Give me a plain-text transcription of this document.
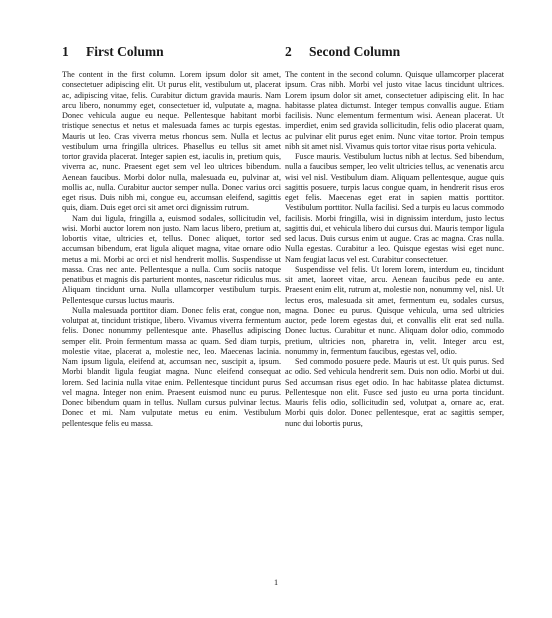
1 First Column

The content in the first column. Lorem ipsum dolor sit amet, consectetuer adipiscing elit. Ut purus elit, vestibulum ut, placerat ac, adipiscing vitae, felis. Curabitur dictum gravida mauris. Nam arcu libero, nonummy eget, consectetuer id, vulputate a, magna. Donec vehicula augue eu neque. Pellentesque habitant morbi tristique senectus et netus et malesuada fames ac turpis egestas. Mauris ut leo. Cras viverra metus rhoncus sem. Nulla et lectus vestibulum urna fringilla ultrices. Phasellus eu tellus sit amet tortor gravida placerat. Integer sapien est, iaculis in, pretium quis, viverra ac, nunc. Praesent eget sem vel leo ultrices bibendum. Aenean faucibus. Morbi dolor nulla, malesuada eu, pulvinar at, mollis ac, nulla. Curabitur auctor semper nulla. Donec varius orci eget risus. Duis nibh mi, congue eu, accumsan eleifend, sagittis quis, diam. Duis eget orci sit amet orci dignissim rutrum.

Nam dui ligula, fringilla a, euismod sodales, sollicitudin vel, wisi. Morbi auctor lorem non justo. Nam lacus libero, pretium at, lobortis vitae, ultricies et, tellus. Donec aliquet, tortor sed accumsan bibendum, erat ligula aliquet magna, vitae ornare odio metus a mi. Morbi ac orci et nisl hendrerit mollis. Suspendisse ut massa. Cras nec ante. Pellentesque a nulla. Cum sociis natoque penatibus et magnis dis parturient montes, nascetur ridiculus mus. Aliquam tincidunt urna. Nulla ullamcorper vestibulum turpis. Pellentesque cursus luctus mauris.

Nulla malesuada porttitor diam. Donec felis erat, congue non, volutpat at, tincidunt tristique, libero. Vivamus viverra fermentum felis. Donec nonummy pellentesque ante. Phasellus adipiscing semper elit. Proin fermentum massa ac quam. Sed diam turpis, molestie vitae, placerat a, molestie nec, leo. Maecenas lacinia. Nam ipsum ligula, eleifend at, accumsan nec, suscipit a, ipsum. Morbi blandit ligula feugiat magna. Nunc eleifend consequat lorem. Sed lacinia nulla vitae enim. Pellentesque tincidunt purus vel magna. Integer non enim. Praesent euismod nunc eu purus. Donec bibendum quam in tellus. Nullam cursus pulvinar lectus. Donec et mi. Nam vulputate metus eu enim. Vestibulum pellentesque felis eu massa.

2 Second Column

The content in the second column. Quisque ullamcorper placerat ipsum. Cras nibh. Morbi vel justo vitae lacus tincidunt ultrices. Lorem ipsum dolor sit amet, consectetuer adipiscing elit. In hac habitasse platea dictumst. Integer tempus convallis augue. Etiam facilisis. Nunc elementum fermentum wisi. Aenean placerat. Ut imperdiet, enim sed gravida sollicitudin, felis odio placerat quam, ac pulvinar elit purus eget enim. Nunc vitae tortor. Proin tempus nibh sit amet nisl. Vivamus quis tortor vitae risus porta vehicula.

Fusce mauris. Vestibulum luctus nibh at lectus. Sed bibendum, nulla a faucibus semper, leo velit ultricies tellus, ac venenatis arcu wisi vel nisl. Vestibulum diam. Aliquam pellentesque, augue quis sagittis posuere, turpis lacus congue quam, in hendrerit risus eros eget felis. Maecenas eget erat in sapien mattis porttitor. Vestibulum porttitor. Nulla facilisi. Sed a turpis eu lacus commodo facilisis. Morbi fringilla, wisi in dignissim interdum, justo lectus sagittis dui, et vehicula libero dui cursus dui. Mauris tempor ligula sed lacus. Duis cursus enim ut augue. Cras ac magna. Cras nulla. Nulla egestas. Curabitur a leo. Quisque egestas wisi eget nunc. Nam feugiat lacus vel est. Curabitur consectetuer.

Suspendisse vel felis. Ut lorem lorem, interdum eu, tincidunt sit amet, laoreet vitae, arcu. Aenean faucibus pede eu ante. Praesent enim elit, rutrum at, molestie non, nonummy vel, nisl. Ut lectus eros, malesuada sit amet, fermentum eu, sodales cursus, magna. Donec eu purus. Quisque vehicula, urna sed ultricies auctor, pede lorem egestas dui, et convallis elit erat sed nulla. Donec luctus. Curabitur et nunc. Aliquam dolor odio, commodo pretium, ultricies non, pharetra in, velit. Integer arcu est, nonummy in, fermentum faucibus, egestas vel, odio.

Sed commodo posuere pede. Mauris ut est. Ut quis purus. Sed ac odio. Sed vehicula hendrerit sem. Duis non odio. Morbi ut dui. Sed accumsan risus eget odio. In hac habitasse platea dictumst. Pellentesque non elit. Fusce sed justo eu urna porta tincidunt. Mauris felis odio, sollicitudin sed, volutpat a, ornare ac, erat. Morbi quis dolor. Donec pellentesque, erat ac sagittis semper, nunc dui lobortis purus,

1
